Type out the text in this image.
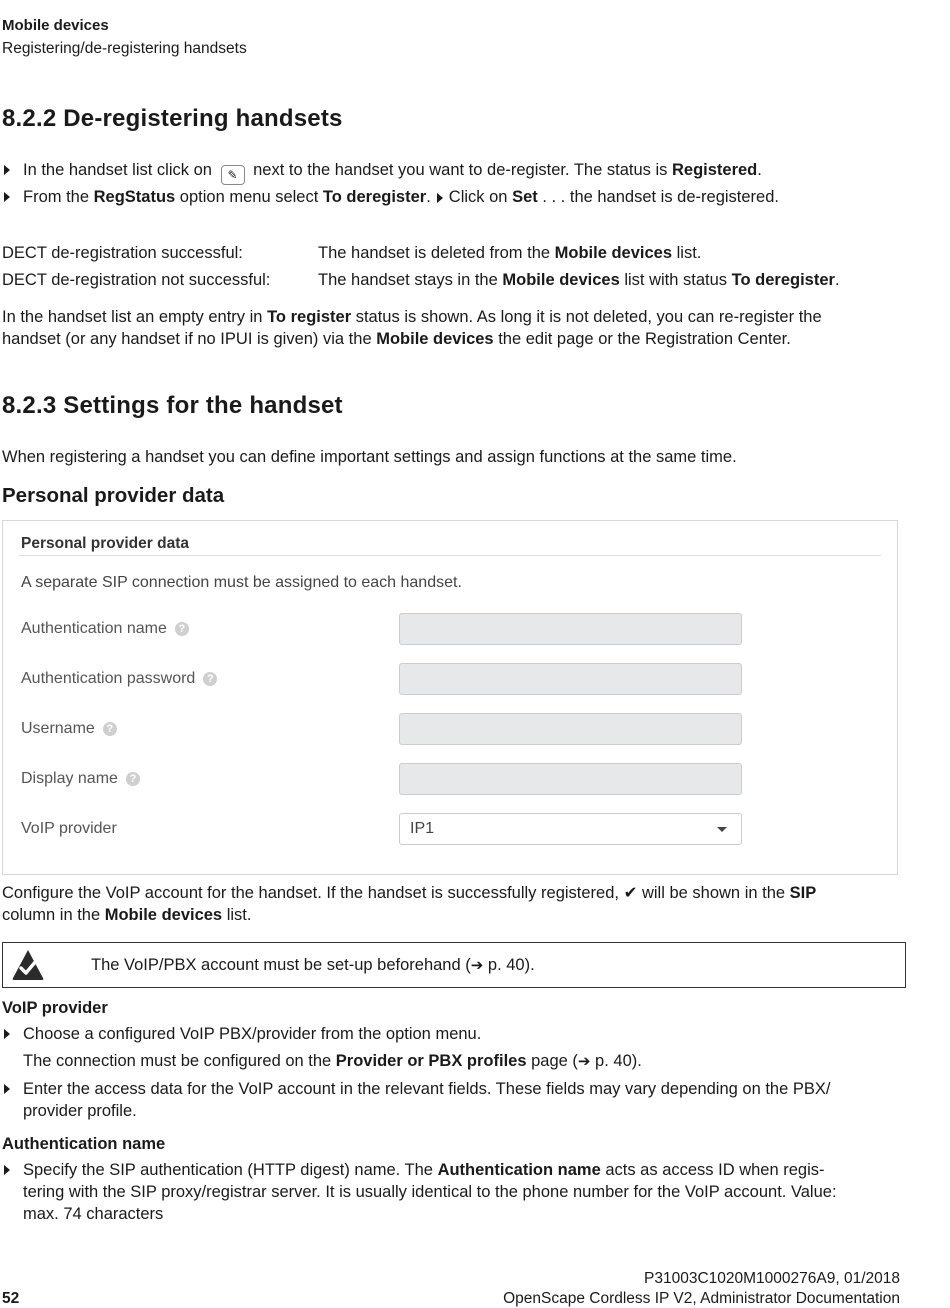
Mobile devices
Registering/de-registering handsets
8.2.2 De-registering handsets
In the handset list click on ✎ next to the handset you want to de-register. The status is Registered.
From the RegStatus option menu select To deregister. Click on Set . . . the handset is de-registered.
DECT de-registration successful:	The handset is deleted from the Mobile devices list.
DECT de-registration not successful:	The handset stays in the Mobile devices list with status To deregister.
In the handset list an empty entry in To register status is shown. As long it is not deleted, you can re-register the
handset (or any handset if no IPUI is given) via the Mobile devices the edit page or the Registration Center.
8.2.3 Settings for the handset
When registering a handset you can define important settings and assign functions at the same time.
Personal provider data
Personal provider data
A separate SIP connection must be assigned to each handset.
Authentication name ?
Authentication password ?
Username ?
Display name ?
VoIP provider	IP1
Configure the VoIP account for the handset. If the handset is successfully registered, ✔ will be shown in the SIP
column in the Mobile devices list.
The VoIP/PBX account must be set-up beforehand (➔ p. 40).
VoIP provider
Choose a configured VoIP PBX/provider from the option menu.
The connection must be configured on the Provider or PBX profiles page (➔ p. 40).
Enter the access data for the VoIP account in the relevant fields. These fields may vary depending on the PBX/
provider profile.
Authentication name
Specify the SIP authentication (HTTP digest) name. The Authentication name acts as access ID when regis-
tering with the SIP proxy/registrar server. It is usually identical to the phone number for the VoIP account. Value:
max. 74 characters
P31003C1020M1000276A9, 01/2018
OpenScape Cordless IP V2, Administrator Documentation
52
